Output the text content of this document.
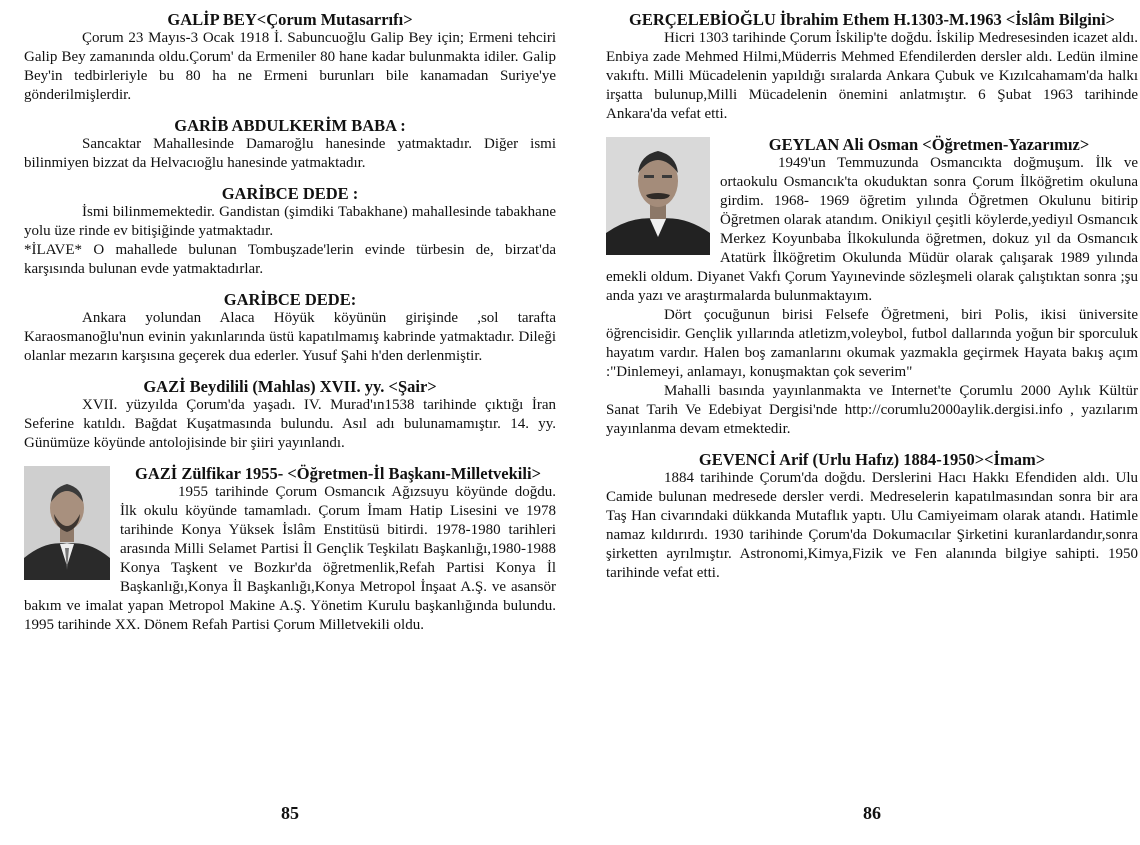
GALİP BEY<Çorum Mutasarrıfı>

Çorum 23 Mayıs-3 Ocak 1918 İ. Sabuncuoğlu Galip Bey için; Ermeni tehciri Galip Bey zamanında oldu.Çorum' da Ermeniler 80 hane kadar bulunmakta idiler. Galip Bey'in tedbirleriyle bu 80 ha ne Ermeni burunları bile kanamadan Suriye'ye gönderilmişlerdir.

GARİB ABDULKERİM BABA :

Sancaktar Mahallesinde Damaroğlu hanesinde yatmaktadır. Diğer ismi bilinmiyen bizzat da Helvacıoğlu hanesinde yatmaktadır.

GARİBCE DEDE :

İsmi bilinmemektedir. Gandistan (şimdiki Tabakhane) mahallesinde tabakhane yolu üze rinde ev bitişiğinde yatmaktadır.

*İLAVE* O mahallede bulunan Tombuşzade'lerin evinde türbesin de, birzat'da karşısında bulunan evde yatmaktadırlar.

GARİBCE DEDE:

Ankara yolundan Alaca Höyük köyünün girişinde ,sol tarafta Karaosmanoğlu'nun evinin yakınlarında üstü kapatılmamış kabrinde yatmaktadır. Dileği olanlar mezarın karşısına geçerek dua ederler. Yusuf Şahi h'den derlenmiştir.

GAZİ Beydilili (Mahlas) XVII. yy. <Şair>

XVII. yüzyılda Çorum'da yaşadı. IV. Murad'ın1538 tarihinde çıktığı İran Seferine katıldı. Bağdat Kuşatmasında bulundu. Asıl adı bulunamamıştır. 14. yy. Günümüze köyünde antolojisinde bir şiiri yayınlandı.

GAZİ Zülfikar 1955- <Öğretmen-İl Başkanı-Milletvekili>

1955 tarihinde Çorum Osmancık Ağızsuyu köyünde doğdu. İlk okulu köyünde tamamladı. Çorum İmam Hatip Lisesini ve 1978 tarihinde Konya Yüksek İslâm Enstitüsü bitirdi. 1978-1980 tarihleri arasında Milli Selamet Partisi İl Gençlik Teşkilatı Başkanlığı,1980-1988 Konya Taşkent ve Bozkır'da öğretmenlik,Refah Partisi Konya İl Başkanlığı,Konya İl Başkanlığı,Konya Metropol İnşaat A.Ş. ve asansör bakım ve imalat yapan Metropol Makine A.Ş. Yönetim Kurulu başkanlığında bulundu. 1995 tarihinde XX. Dönem Refah Partisi Çorum Milletvekili oldu.

85

GERÇELEBİOĞLU İbrahim Ethem H.1303-M.1963 <İslâm Bilgini>

Hicri 1303 tarihinde Çorum İskilip'te doğdu. İskilip Medresesinden icazet aldı. Enbiya zade Mehmed Hilmi,Müderris Mehmed Efendilerden dersler aldı. Ledün ilmine vakıftı. Milli Mücadelenin yapıldığı sıralarda Ankara Çubuk ve Kızılcahamam'da halkı irşatta bulunup,Milli Mücadelenin önemini anlatmıştır. 6 Şubat 1963 tarihinde Ankara'da vefat etti.

GEYLAN Ali Osman <Öğretmen-Yazarımız>

1949'un Temmuzunda Osmancıkta doğmuşum. İlk ve ortaokulu Osmancık'ta okuduktan sonra Çorum İlköğretim okuluna girdim. 1968- 1969 öğretim yılında Öğretmen Okulunu bitirip Öğretmen olarak atandım. Onikiyıl çeşitli köylerde,yediyıl Osmancık Merkez Koyunbaba İlkokulunda öğretmen, dokuz yıl da Osmancık Atatürk İlköğretim Okulunda Müdür olarak çalışarak 1989 yılında emekli oldum. Diyanet Vakfı Çorum Yayınevinde sözleşmeli olarak çalıştıktan sonra ;şu anda yazı ve araştırmalarda bulunmaktayım.

Dört çocuğunun birisi Felsefe Öğretmeni, biri Polis, ikisi üniversite öğrencisidir. Gençlik yıllarında atletizm,voleybol, futbol dallarında yoğun bir sporculuk hayatım vardır. Halen boş zamanlarını okumak yazmakla geçirmek Hayata bakış açım :"Dinlemeyi, anlamayı, konuşmaktan çok severim"

Mahalli basında yayınlanmakta ve Internet'te Çorumlu 2000 Aylık Kültür Sanat Tarih Ve Edebiyat Dergisi'nde http://corumlu2000aylik.dergisi.info , yazılarım yayınlanma devam etmektedir.

GEVENCİ Arif (Urlu Hafız) 1884-1950><İmam>

1884 tarihinde Çorum'da doğdu. Derslerini Hacı Hakkı Efendiden aldı. Ulu Camide bulunan medresede dersler verdi. Medreselerin kapatılmasından sonra bir ara Taş Han civarındaki dükkanda Mutaflık yaptı. Ulu Camiyeimam olarak atandı. Hatimle namaz kıldırırdı. 1930 tarihinde Çorum'da Dokumacılar Şirketini kuranlardandır,sonra şirketten ayrılmıştır. Astronomi,Kimya,Fizik ve Fen alanında bilgiye sahipti. 1950 tarihinde vefat etti.

86
